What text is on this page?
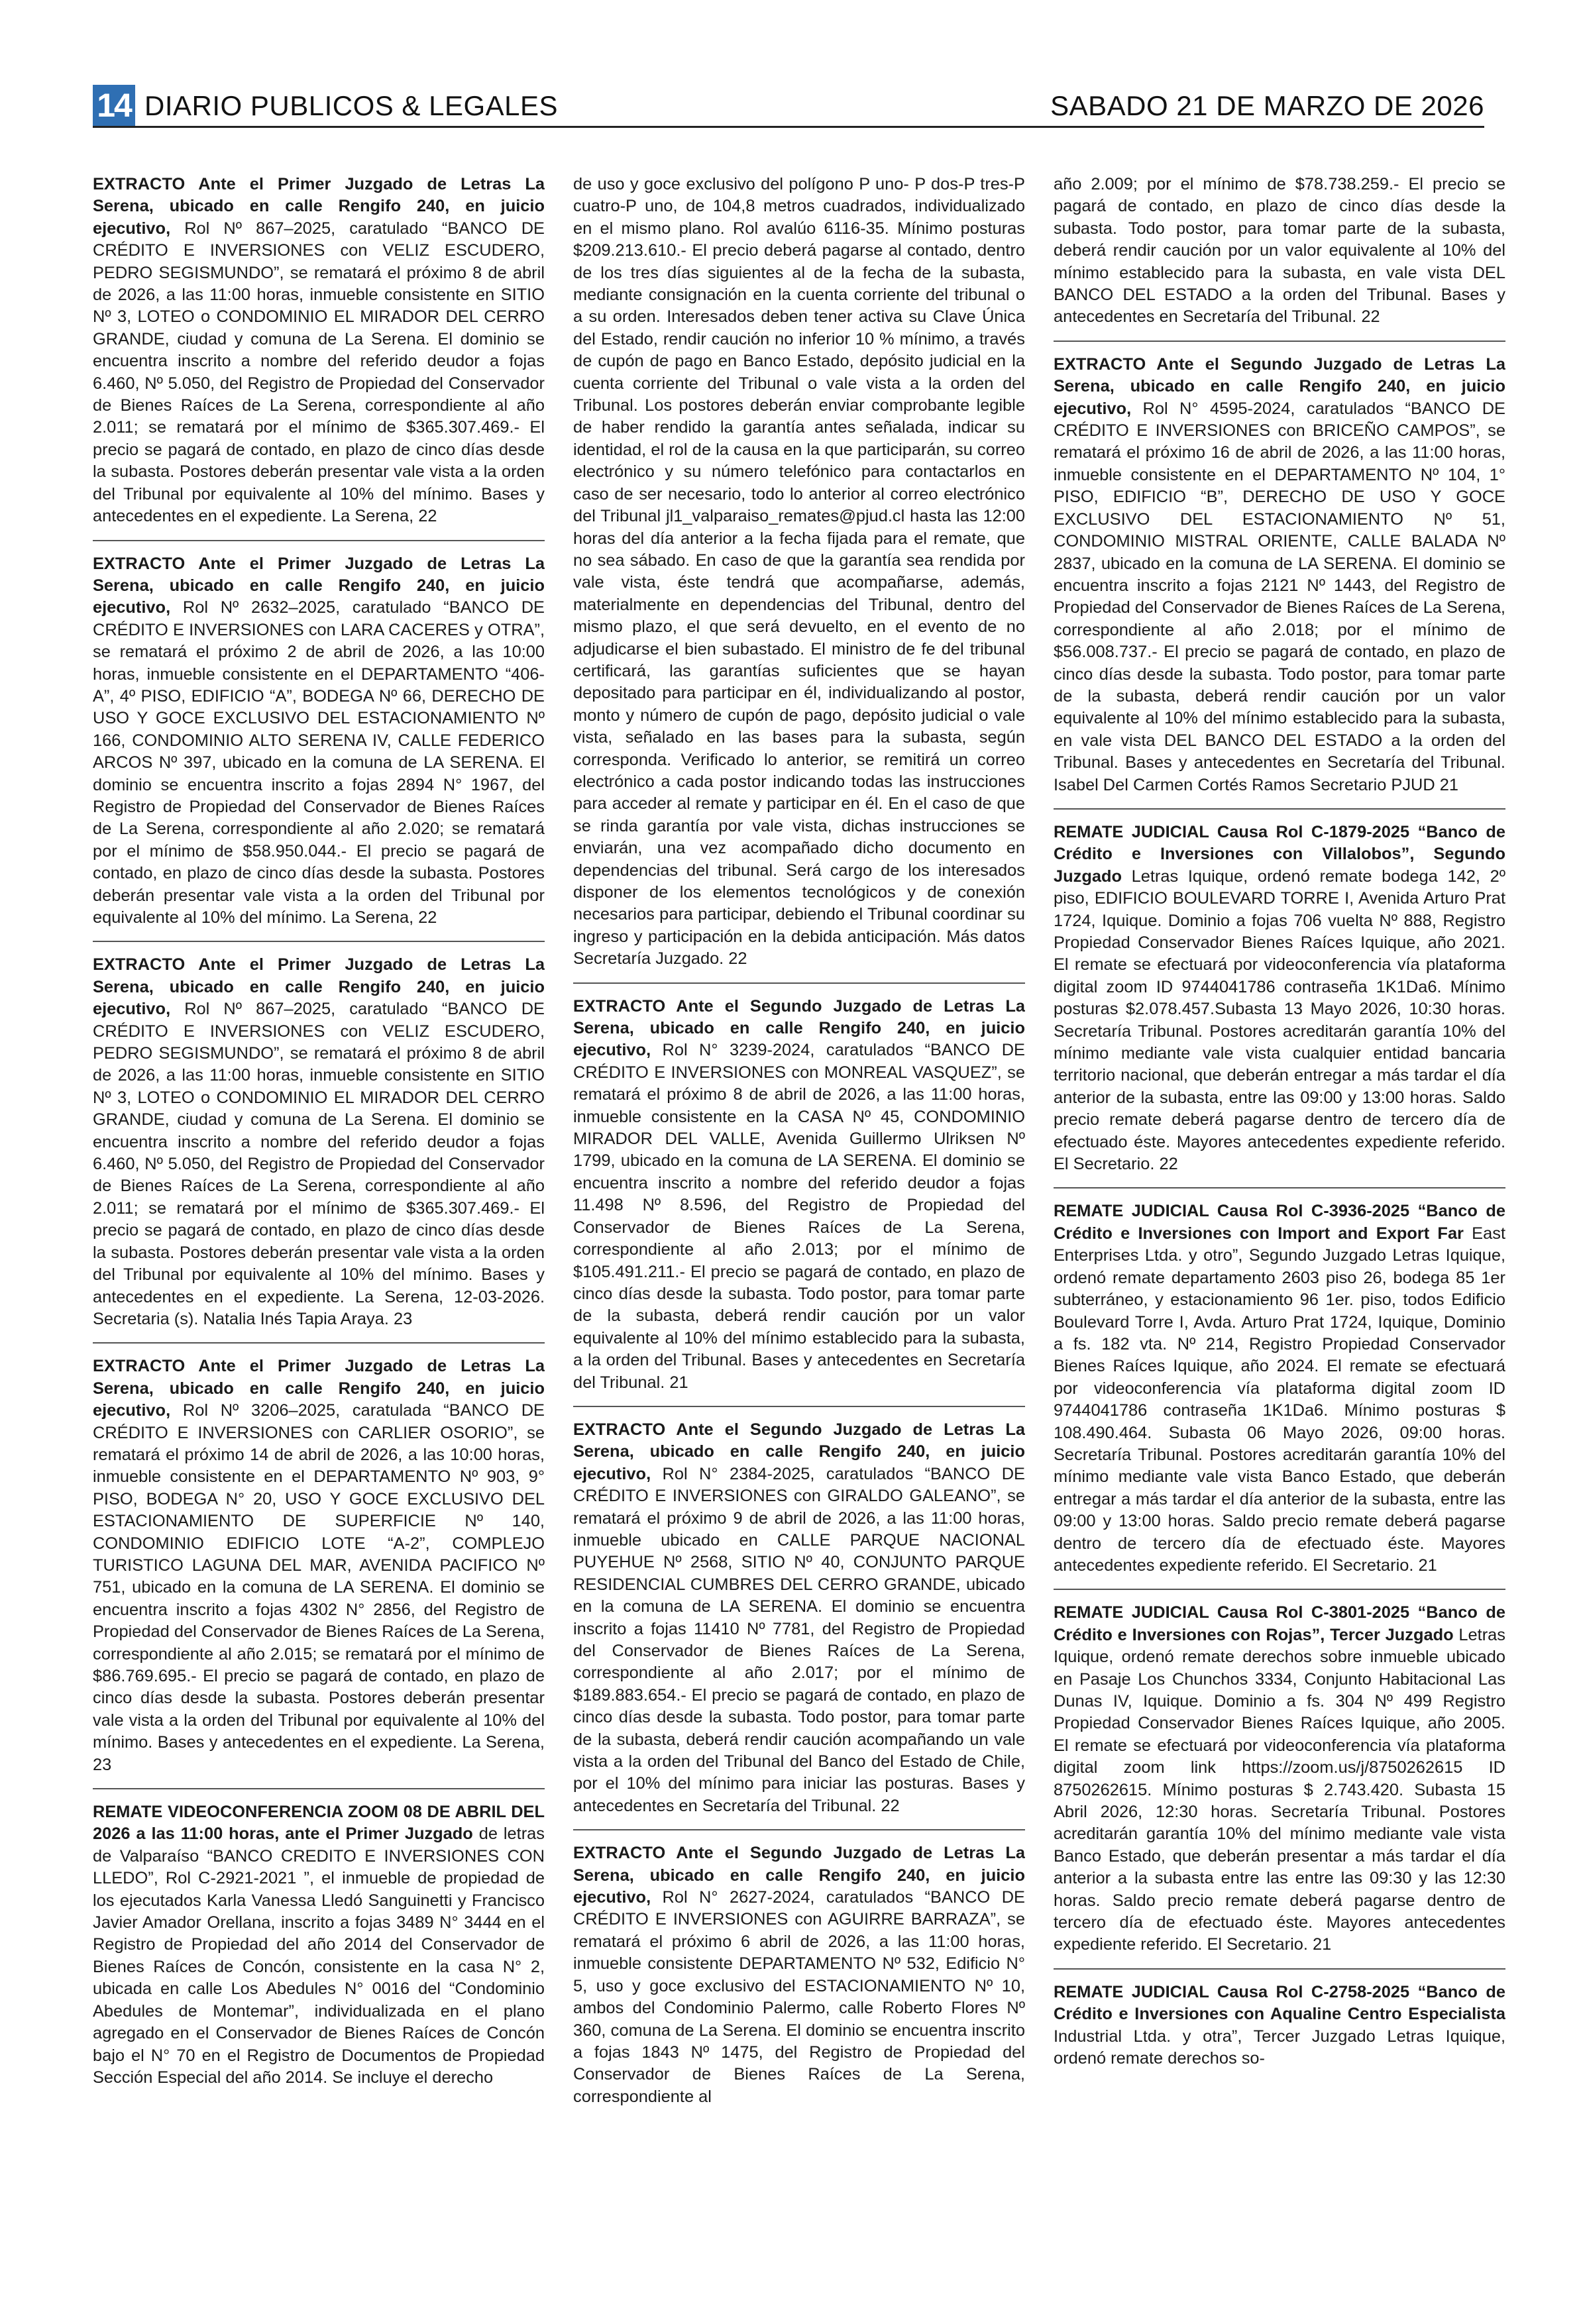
14 DIARIO PUBLICOS & LEGALES	SABADO 21 DE MARZO DE 2026

EXTRACTO Ante el Primer Juzgado de Letras La Serena, ubicado en calle Rengifo 240, en juicio ejecutivo, Rol Nº 867–2025, caratulado “BANCO DE CRÉDITO E INVERSIONES con VELIZ ESCUDERO, PEDRO SEGISMUNDO”, se rematará el próximo 8 de abril de 2026, a las 11:00 horas, inmueble consistente en SITIO Nº 3, LOTEO o CONDOMINIO EL MIRADOR DEL CERRO GRANDE, ciudad y comuna de La Serena. El dominio se encuentra inscrito a nombre del referido deudor a fojas 6.460, Nº 5.050, del Registro de Propiedad del Conservador de Bienes Raíces de La Serena, correspondiente al año 2.011; se rematará por el mínimo de $365.307.469.- El precio se pagará de contado, en plazo de cinco días desde la subasta. Postores deberán presentar vale vista a la orden del Tribunal por equivalente al 10% del mínimo. Bases y antecedentes en el expediente. La Serena, 22

EXTRACTO Ante el Primer Juzgado de Letras La Serena, ubicado en calle Rengifo 240, en juicio ejecutivo, Rol Nº 2632–2025, caratulado “BANCO DE CRÉDITO E INVERSIONES con LARA CACERES y OTRA”, se rematará el próximo 2 de abril de 2026, a las 10:00 horas, inmueble consistente en el DEPARTAMENTO “406-A”, 4º PISO, EDIFICIO “A”, BODEGA Nº 66, DERECHO DE USO Y GOCE EXCLUSIVO DEL ESTACIONAMIENTO Nº 166, CONDOMINIO ALTO SERENA IV, CALLE FEDERICO ARCOS Nº 397, ubicado en la comuna de LA SERENA. El dominio se encuentra inscrito a fojas 2894 N° 1967, del Registro de Propiedad del Conservador de Bienes Raíces de La Serena, correspondiente al año 2.020; se rematará por el mínimo de $58.950.044.- El precio se pagará de contado, en plazo de cinco días desde la subasta. Postores deberán presentar vale vista a la orden del Tribunal por equivalente al 10% del mínimo. La Serena, 22

EXTRACTO Ante el Primer Juzgado de Letras La Serena, ubicado en calle Rengifo 240, en juicio ejecutivo, Rol Nº 867–2025, caratulado “BANCO DE CRÉDITO E INVERSIONES con VELIZ ESCUDERO, PEDRO SEGISMUNDO”, se rematará el próximo 8 de abril de 2026, a las 11:00 horas, inmueble consistente en SITIO Nº 3, LOTEO o CONDOMINIO EL MIRADOR DEL CERRO GRANDE, ciudad y comuna de La Serena. El dominio se encuentra inscrito a nombre del referido deudor a fojas 6.460, Nº 5.050, del Registro de Propiedad del Conservador de Bienes Raíces de La Serena, correspondiente al año 2.011; se rematará por el mínimo de $365.307.469.- El precio se pagará de contado, en plazo de cinco días desde la subasta. Postores deberán presentar vale vista a la orden del Tribunal por equivalente al 10% del mínimo. Bases y antecedentes en el expediente. La Serena, 12-03-2026. Secretaria (s). Natalia Inés Tapia Araya. 23

EXTRACTO Ante el Primer Juzgado de Letras La Serena, ubicado en calle Rengifo 240, en juicio ejecutivo, Rol Nº 3206–2025, caratulada “BANCO DE CRÉDITO E INVERSIONES con CARLIER OSORIO”, se rematará el próximo 14 de abril de 2026, a las 10:00 horas, inmueble consistente en el DEPARTAMENTO Nº 903, 9° PISO, BODEGA N° 20, USO Y GOCE EXCLUSIVO DEL ESTACIONAMIENTO DE SUPERFICIE Nº 140, CONDOMINIO EDIFICIO LOTE “A-2”, COMPLEJO TURISTICO LAGUNA DEL MAR, AVENIDA PACIFICO Nº 751, ubicado en la comuna de LA SERENA. El dominio se encuentra inscrito a fojas 4302 N° 2856, del Registro de Propiedad del Conservador de Bienes Raíces de La Serena, correspondiente al año 2.015; se rematará por el mínimo de $86.769.695.- El precio se pagará de contado, en plazo de cinco días desde la subasta. Postores deberán presentar vale vista a la orden del Tribunal por equivalente al 10% del mínimo. Bases y antecedentes en el expediente. La Serena, 23

REMATE VIDEOCONFERENCIA ZOOM 08 DE ABRIL DEL 2026 a las 11:00 horas, ante el Primer Juzgado de letras de Valparaíso “BANCO CREDITO E INVERSIONES CON LLEDO”, Rol C-2921-2021 ”, el inmueble de propiedad de los ejecutados Karla Vanessa Lledó Sanguinetti y Francisco Javier Amador Orellana, inscrito a fojas 3489 N° 3444 en el Registro de Propiedad del año 2014 del Conservador de Bienes Raíces de Concón, consistente en la casa N° 2, ubicada en calle Los Abedules N° 0016 del “Condominio Abedules de Montemar”, individualizada en el plano agregado en el Conservador de Bienes Raíces de Concón bajo el N° 70 en el Registro de Documentos de Propiedad Sección Especial del año 2014. Se incluye el derecho

de uso y goce exclusivo del polígono P uno- P dos-P tres-P cuatro-P uno, de 104,8 metros cuadrados, individualizado en el mismo plano. Rol avalúo 6116-35. Mínimo posturas $209.213.610.- El precio deberá pagarse al contado, dentro de los tres días siguientes al de la fecha de la subasta, mediante consignación en la cuenta corriente del tribunal o a su orden. Interesados deben tener activa su Clave Única del Estado, rendir caución no inferior 10 % mínimo, a través de cupón de pago en Banco Estado, depósito judicial en la cuenta corriente del Tribunal o vale vista a la orden del Tribunal. Los postores deberán enviar comprobante legible de haber rendido la garantía antes señalada, indicar su identidad, el rol de la causa en la que participarán, su correo electrónico y su número telefónico para contactarlos en caso de ser necesario, todo lo anterior al correo electrónico del Tribunal jl1_valparaiso_remates@pjud.cl hasta las 12:00 horas del día anterior a la fecha fijada para el remate, que no sea sábado. En caso de que la garantía sea rendida por vale vista, éste tendrá que acompañarse, además, materialmente en dependencias del Tribunal, dentro del mismo plazo, el que será devuelto, en el evento de no adjudicarse el bien subastado. El ministro de fe del tribunal certificará, las garantías suficientes que se hayan depositado para participar en él, individualizando al postor, monto y número de cupón de pago, depósito judicial o vale vista, señalado en las bases para la subasta, según corresponda. Verificado lo anterior, se remitirá un correo electrónico a cada postor indicando todas las instrucciones para acceder al remate y participar en él. En el caso de que se rinda garantía por vale vista, dichas instrucciones se enviarán, una vez acompañado dicho documento en dependencias del tribunal. Será cargo de los interesados disponer de los elementos tecnológicos y de conexión necesarios para participar, debiendo el Tribunal coordinar su ingreso y participación en la debida anticipación. Más datos Secretaría Juzgado. 22

EXTRACTO Ante el Segundo Juzgado de Letras La Serena, ubicado en calle Rengifo 240, en juicio ejecutivo, Rol N° 3239-2024, caratulados “BANCO DE CRÉDITO E INVERSIONES con MONREAL VASQUEZ”, se rematará el próximo 8 de abril de 2026, a las 11:00 horas, inmueble consistente en la CASA Nº 45, CONDOMINIO MIRADOR DEL VALLE, Avenida Guillermo Ulriksen Nº 1799, ubicado en la comuna de LA SERENA. El dominio se encuentra inscrito a nombre del referido deudor a fojas 11.498 Nº 8.596, del Registro de Propiedad del Conservador de Bienes Raíces de La Serena, correspondiente al año 2.013; por el mínimo de $105.491.211.- El precio se pagará de contado, en plazo de cinco días desde la subasta. Todo postor, para tomar parte de la subasta, deberá rendir caución por un valor equivalente al 10% del mínimo establecido para la subasta, a la orden del Tribunal. Bases y antecedentes en Secretaría del Tribunal. 21

EXTRACTO Ante el Segundo Juzgado de Letras La Serena, ubicado en calle Rengifo 240, en juicio ejecutivo, Rol N° 2384-2025, caratulados “BANCO DE CRÉDITO E INVERSIONES con GIRALDO GALEANO”, se rematará el próximo 9 de abril de 2026, a las 11:00 horas, inmueble ubicado en CALLE PARQUE NACIONAL PUYEHUE Nº 2568, SITIO Nº 40, CONJUNTO PARQUE RESIDENCIAL CUMBRES DEL CERRO GRANDE, ubicado en la comuna de LA SERENA. El dominio se encuentra inscrito a fojas 11410 Nº 7781, del Registro de Propiedad del Conservador de Bienes Raíces de La Serena, correspondiente al año 2.017; por el mínimo de $189.883.654.- El precio se pagará de contado, en plazo de cinco días desde la subasta. Todo postor, para tomar parte de la subasta, deberá rendir caución acompañando un vale vista a la orden del Tribunal del Banco del Estado de Chile, por el 10% del mínimo para iniciar las posturas. Bases y antecedentes en Secretaría del Tribunal. 22

EXTRACTO Ante el Segundo Juzgado de Letras La Serena, ubicado en calle Rengifo 240, en juicio ejecutivo, Rol N° 2627-2024, caratulados “BANCO DE CRÉDITO E INVERSIONES con AGUIRRE BARRAZA”, se rematará el próximo 6 abril de 2026, a las 11:00 horas, inmueble consistente DEPARTAMENTO Nº 532, Edificio N° 5, uso y goce exclusivo del ESTACIONAMIENTO Nº 10, ambos del Condominio Palermo, calle Roberto Flores Nº 360, comuna de La Serena. El dominio se encuentra inscrito a fojas 1843 Nº 1475, del Registro de Propiedad del Conservador de Bienes Raíces de La Serena, correspondiente al

año 2.009; por el mínimo de $78.738.259.- El precio se pagará de contado, en plazo de cinco días desde la subasta. Todo postor, para tomar parte de la subasta, deberá rendir caución por un valor equivalente al 10% del mínimo establecido para la subasta, en vale vista DEL BANCO DEL ESTADO a la orden del Tribunal. Bases y antecedentes en Secretaría del Tribunal. 22

EXTRACTO Ante el Segundo Juzgado de Letras La Serena, ubicado en calle Rengifo 240, en juicio ejecutivo, Rol N° 4595-2024, caratulados “BANCO DE CRÉDITO E INVERSIONES con BRICEÑO CAMPOS”, se rematará el próximo 16 de abril de 2026, a las 11:00 horas, inmueble consistente en el DEPARTAMENTO Nº 104, 1° PISO, EDIFICIO “B”, DERECHO DE USO Y GOCE EXCLUSIVO DEL ESTACIONAMIENTO Nº 51, CONDOMINIO MISTRAL ORIENTE, CALLE BALADA Nº 2837, ubicado en la comuna de LA SERENA. El dominio se encuentra inscrito a fojas 2121 Nº 1443, del Registro de Propiedad del Conservador de Bienes Raíces de La Serena, correspondiente al año 2.018; por el mínimo de $56.008.737.- El precio se pagará de contado, en plazo de cinco días desde la subasta. Todo postor, para tomar parte de la subasta, deberá rendir caución por un valor equivalente al 10% del mínimo establecido para la subasta, en vale vista DEL BANCO DEL ESTADO a la orden del Tribunal. Bases y antecedentes en Secretaría del Tribunal. Isabel Del Carmen Cortés Ramos Secretario PJUD 21

REMATE JUDICIAL Causa Rol C-1879-2025 “Banco de Crédito e Inversiones con Villalobos”, Segundo Juzgado Letras Iquique, ordenó remate bodega 142, 2º piso, EDIFICIO BOULEVARD TORRE I, Avenida Arturo Prat 1724, Iquique. Dominio a fojas 706 vuelta Nº 888, Registro Propiedad Conservador Bienes Raíces Iquique, año 2021. El remate se efectuará por videoconferencia vía plataforma digital zoom ID 9744041786 contraseña 1K1Da6. Mínimo posturas $2.078.457.Subasta 13 Mayo 2026, 10:30 horas. Secretaría Tribunal. Postores acreditarán garantía 10% del mínimo mediante vale vista cualquier entidad bancaria territorio nacional, que deberán entregar a más tardar el día anterior de la subasta, entre las 09:00 y 13:00 horas. Saldo precio remate deberá pagarse dentro de tercero día de efectuado éste. Mayores antecedentes expediente referido. El Secretario. 22

REMATE JUDICIAL Causa Rol C-3936-2025 “Banco de Crédito e Inversiones con Import and Export Far East Enterprises Ltda. y otro”, Segundo Juzgado Letras Iquique, ordenó remate departamento 2603 piso 26, bodega 85 1er subterráneo, y estacionamiento 96 1er. piso, todos Edificio Boulevard Torre I, Avda. Arturo Prat 1724, Iquique, Dominio a fs. 182 vta. Nº 214, Registro Propiedad Conservador Bienes Raíces Iquique, año 2024. El remate se efectuará por videoconferencia vía plataforma digital zoom ID 9744041786 contraseña 1K1Da6. Mínimo posturas $ 108.490.464. Subasta 06 Mayo 2026, 09:00 horas. Secretaría Tribunal. Postores acreditarán garantía 10% del mínimo mediante vale vista Banco Estado, que deberán entregar a más tardar el día anterior de la subasta, entre las 09:00 y 13:00 horas. Saldo precio remate deberá pagarse dentro de tercero día de efectuado éste. Mayores antecedentes expediente referido. El Secretario. 21

REMATE JUDICIAL Causa Rol C-3801-2025 “Banco de Crédito e Inversiones con Rojas”, Tercer Juzgado Letras Iquique, ordenó remate derechos sobre inmueble ubicado en Pasaje Los Chunchos 3334, Conjunto Habitacional Las Dunas IV, Iquique. Dominio a fs. 304 Nº 499 Registro Propiedad Conservador Bienes Raíces Iquique, año 2005. El remate se efectuará por videoconferencia vía plataforma digital zoom link https://zoom.us/j/8750262615 ID 8750262615. Mínimo posturas $ 2.743.420. Subasta 15 Abril 2026, 12:30 horas. Secretaría Tribunal. Postores acreditarán garantía 10% del mínimo mediante vale vista Banco Estado, que deberán presentar a más tardar el día anterior a la subasta entre las entre las 09:30 y las 12:30 horas. Saldo precio remate deberá pagarse dentro de tercero día de efectuado éste. Mayores antecedentes expediente referido. El Secretario. 21

REMATE JUDICIAL Causa Rol C-2758-2025 “Banco de Crédito e Inversiones con Aqualine Centro Especialista Industrial Ltda. y otra”, Tercer Juzgado Letras Iquique, ordenó remate derechos so-
